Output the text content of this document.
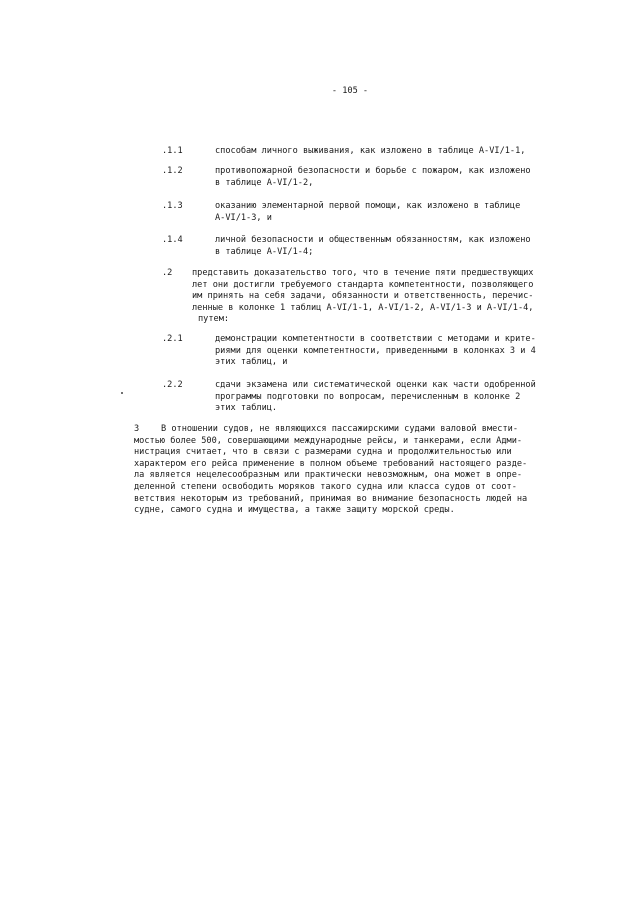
- 105 -
.1.1	способам личного выживания, как изложено в таблице A-VI/1-1,
.1.2	противопожарной безопасности и борьбе с пожаром, как изложено
в таблице A-VI/1-2,
.1.3	оказанию элементарной первой помощи, как изложено в таблице
A-VI/1-3, и
.1.4	личной безопасности и общественным обязанностям, как изложено
в таблице A-VI/1-4;
.2 представить доказательство того, что в течение пяти предшествующих
лет они достигли требуемого стандарта компетентности, позволяющего
им принять на себя задачи, обязанности и ответственность, перечис-
ленные в колонке 1 таблиц A-VI/1-1, A-VI/1-2, A-VI/1-3 и A-VI/1-4,
путем:
.2.1	демонстрации компетентности в соответствии с методами и крите-
риями для оценки компетентности, приведенными в колонках 3 и 4
этих таблиц, и
.2.2	сдачи экзамена или систематической оценки как части одобренной
программы подготовки по вопросам, перечисленным в колонке 2
этих таблиц.
3	В отношении судов, не являющихся пассажирскими судами валовой вмести-
мостью более 500, совершающими международные рейсы, и танкерами, если Адми-
нистрация считает, что в связи с размерами судна и продолжительностью или
характером его рейса применение в полном объеме требований настоящего разде-
ла является нецелесообразным или практически невозможным, она может в опре-
деленной степени освободить моряков такого судна или класса судов от соот-
ветствия некоторым из требований, принимая во внимание безопасность людей на
судне, самого судна и имущества, а также защиту морской среды.
